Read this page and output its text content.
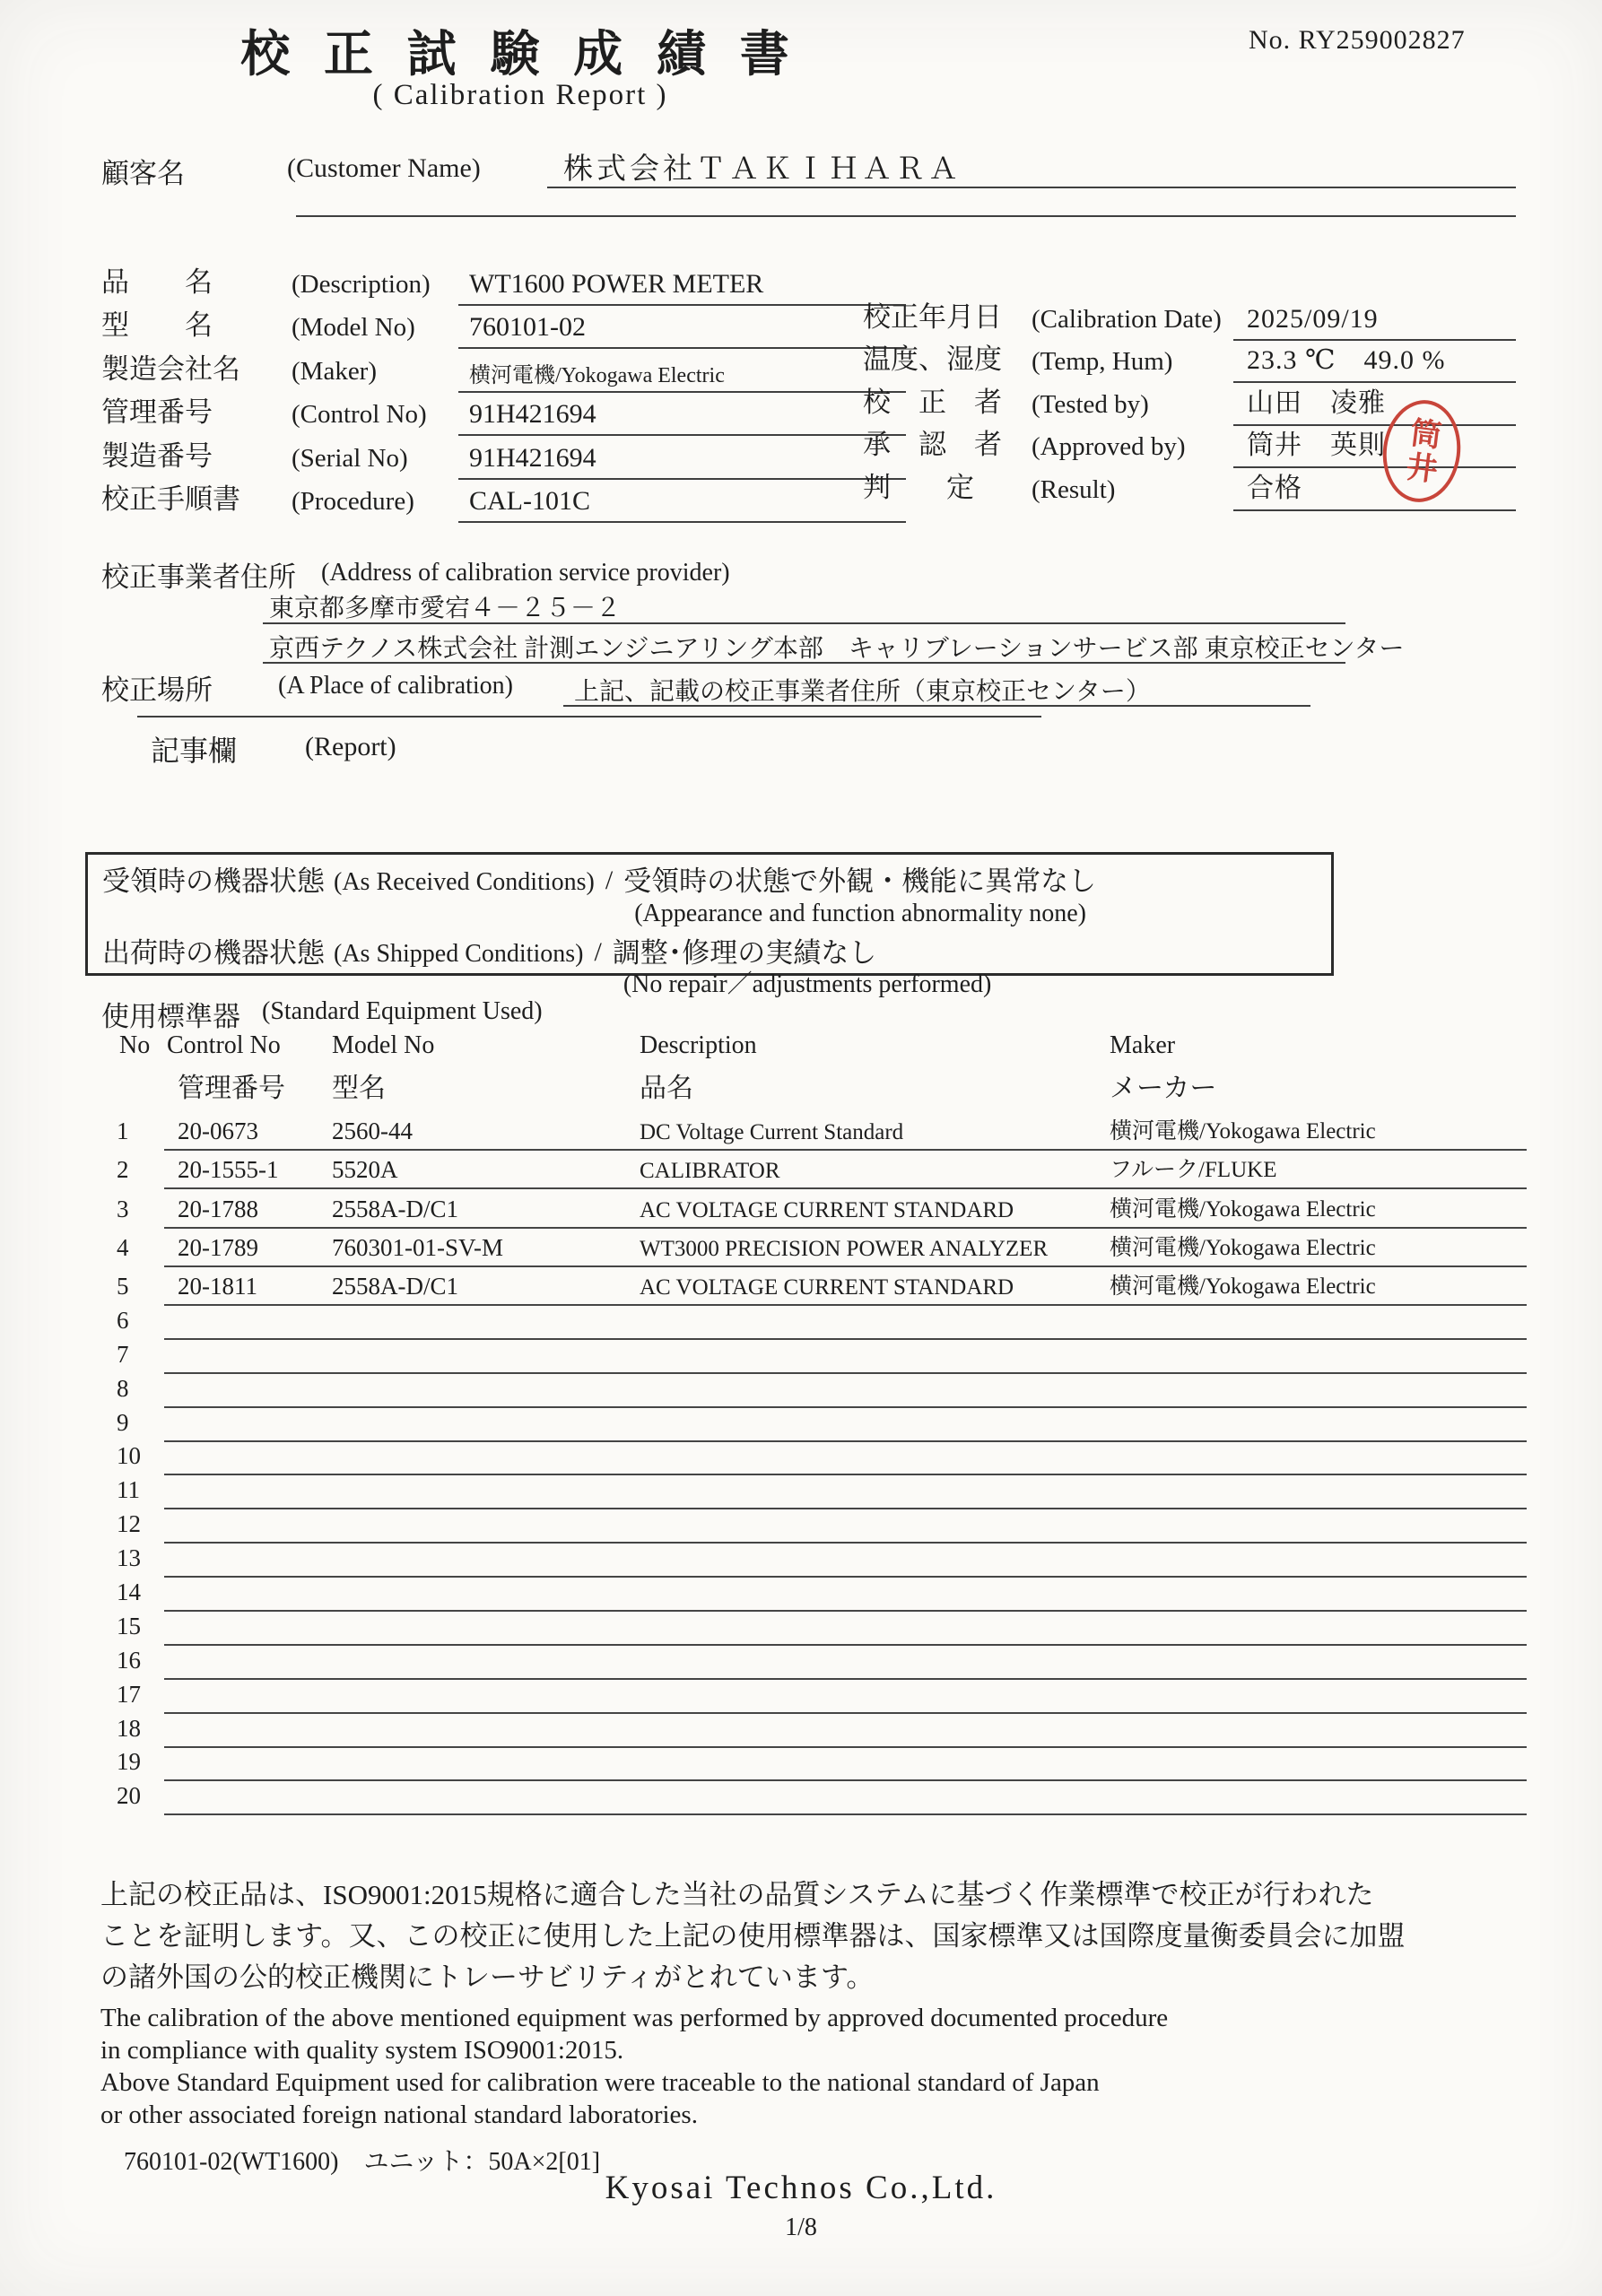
校 正 試 験 成 績 書
( Calibration Report )
No. RY259002827
顧客名	(Customer Name)	株式会社ＴＡＫＩＨＡＲＡ
品　　名	(Description) WT1600 POWER METER
型　　名	(Model No) 760101-02
製造会社名 (Maker)	横河電機/Yokogawa Electric
管理番号	(Control No) 91H421694
製造番号	(Serial No) 91H421694
校正手順書 (Procedure) CAL-101C
校正年月日 (Calibration Date) 2025/09/19
温度、湿度 (Temp, Hum)	23.3 ℃　49.0 %
校　正　者 (Tested by)	山田　凌雅
承　認　者 (Approved by) 筒井　英則
判　　定 (Result)	合格
筒井
校正事業者住所 (Address of calibration service provider)
東京都多摩市愛宕４－２５－２
京西テクノス株式会社 計測エンジニアリング本部　キャリブレーションサービス部 東京校正センター
校正場所	(A Place of calibration) 上記、記載の校正事業者住所（東京校正センター）
記事欄	(Report)
受領時の機器状態 (As Received Conditions) / 受領時の状態で外観・機能に異常なし
(Appearance and function abnormality none)
出荷時の機器状態 (As Shipped Conditions) / 調整･修理の実績なし
(No repair／adjustments performed)
使用標準器 (Standard Equipment Used)
No Control No Model No	Description	Maker
管理番号 型名	品名	メーカー
1 20-0673	2560-44	DC Voltage Current Standard	横河電機/Yokogawa Electric
2 20-1555-1 5520A	CALIBRATOR	フルーク/FLUKE
3 20-1788	2558A-D/C1	AC VOLTAGE CURRENT STANDARD	横河電機/Yokogawa Electric
4 20-1789	760301-01-SV-M	WT3000 PRECISION POWER ANALYZER	横河電機/Yokogawa Electric
5 20-1811	2558A-D/C1	AC VOLTAGE CURRENT STANDARD	横河電機/Yokogawa Electric
6
7
8
9
10
11
12
13
14
15
16
17
18
19
20
上記の校正品は、ISO9001:2015規格に適合した当社の品質システムに基づく作業標準で校正が行われた
ことを証明します。又、この校正に使用した上記の使用標準器は、国家標準又は国際度量衡委員会に加盟
の諸外国の公的校正機関にトレーサビリティがとれています。
The calibration of the above mentioned equipment was performed by approved documented procedure
in compliance with quality system ISO9001:2015.
Above Standard Equipment used for calibration were traceable to the national standard of Japan
or other associated foreign national standard laboratories.
760101-02(WT1600)　ユニット：50A×2[01]
Kyosai Technos Co.,Ltd.
1/8
